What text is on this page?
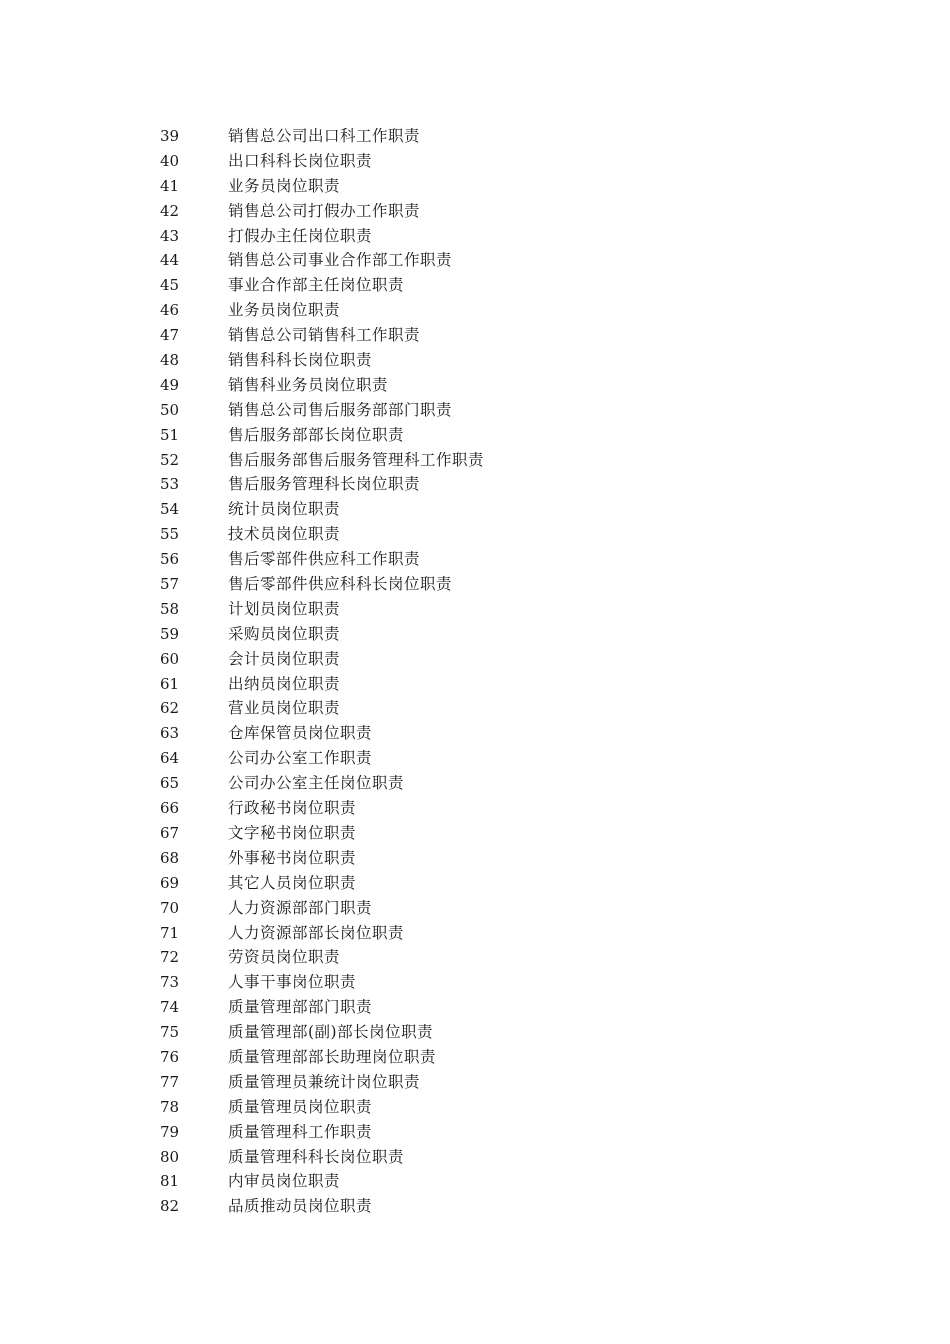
39	销售总公司出口科工作职责
40	出口科科长岗位职责
41	业务员岗位职责
42	销售总公司打假办工作职责
43	打假办主任岗位职责
44	销售总公司事业合作部工作职责
45	事业合作部主任岗位职责
46	业务员岗位职责
47	销售总公司销售科工作职责
48	销售科科长岗位职责
49	销售科业务员岗位职责
50	销售总公司售后服务部部门职责
51	售后服务部部长岗位职责
52	售后服务部售后服务管理科工作职责
53	售后服务管理科长岗位职责
54	统计员岗位职责
55	技术员岗位职责
56	售后零部件供应科工作职责
57	售后零部件供应科科长岗位职责
58	计划员岗位职责
59	采购员岗位职责
60	会计员岗位职责
61	出纳员岗位职责
62	营业员岗位职责
63	仓库保管员岗位职责
64	公司办公室工作职责
65	公司办公室主任岗位职责
66	行政秘书岗位职责
67	文字秘书岗位职责
68	外事秘书岗位职责
69	其它人员岗位职责
70	人力资源部部门职责
71	人力资源部部长岗位职责
72	劳资员岗位职责
73	人事干事岗位职责
74	质量管理部部门职责
75	质量管理部(副)部长岗位职责
76	质量管理部部长助理岗位职责
77	质量管理员兼统计岗位职责
78	质量管理员岗位职责
79	质量管理科工作职责
80	质量管理科科长岗位职责
81	内审员岗位职责
82	品质推动员岗位职责
